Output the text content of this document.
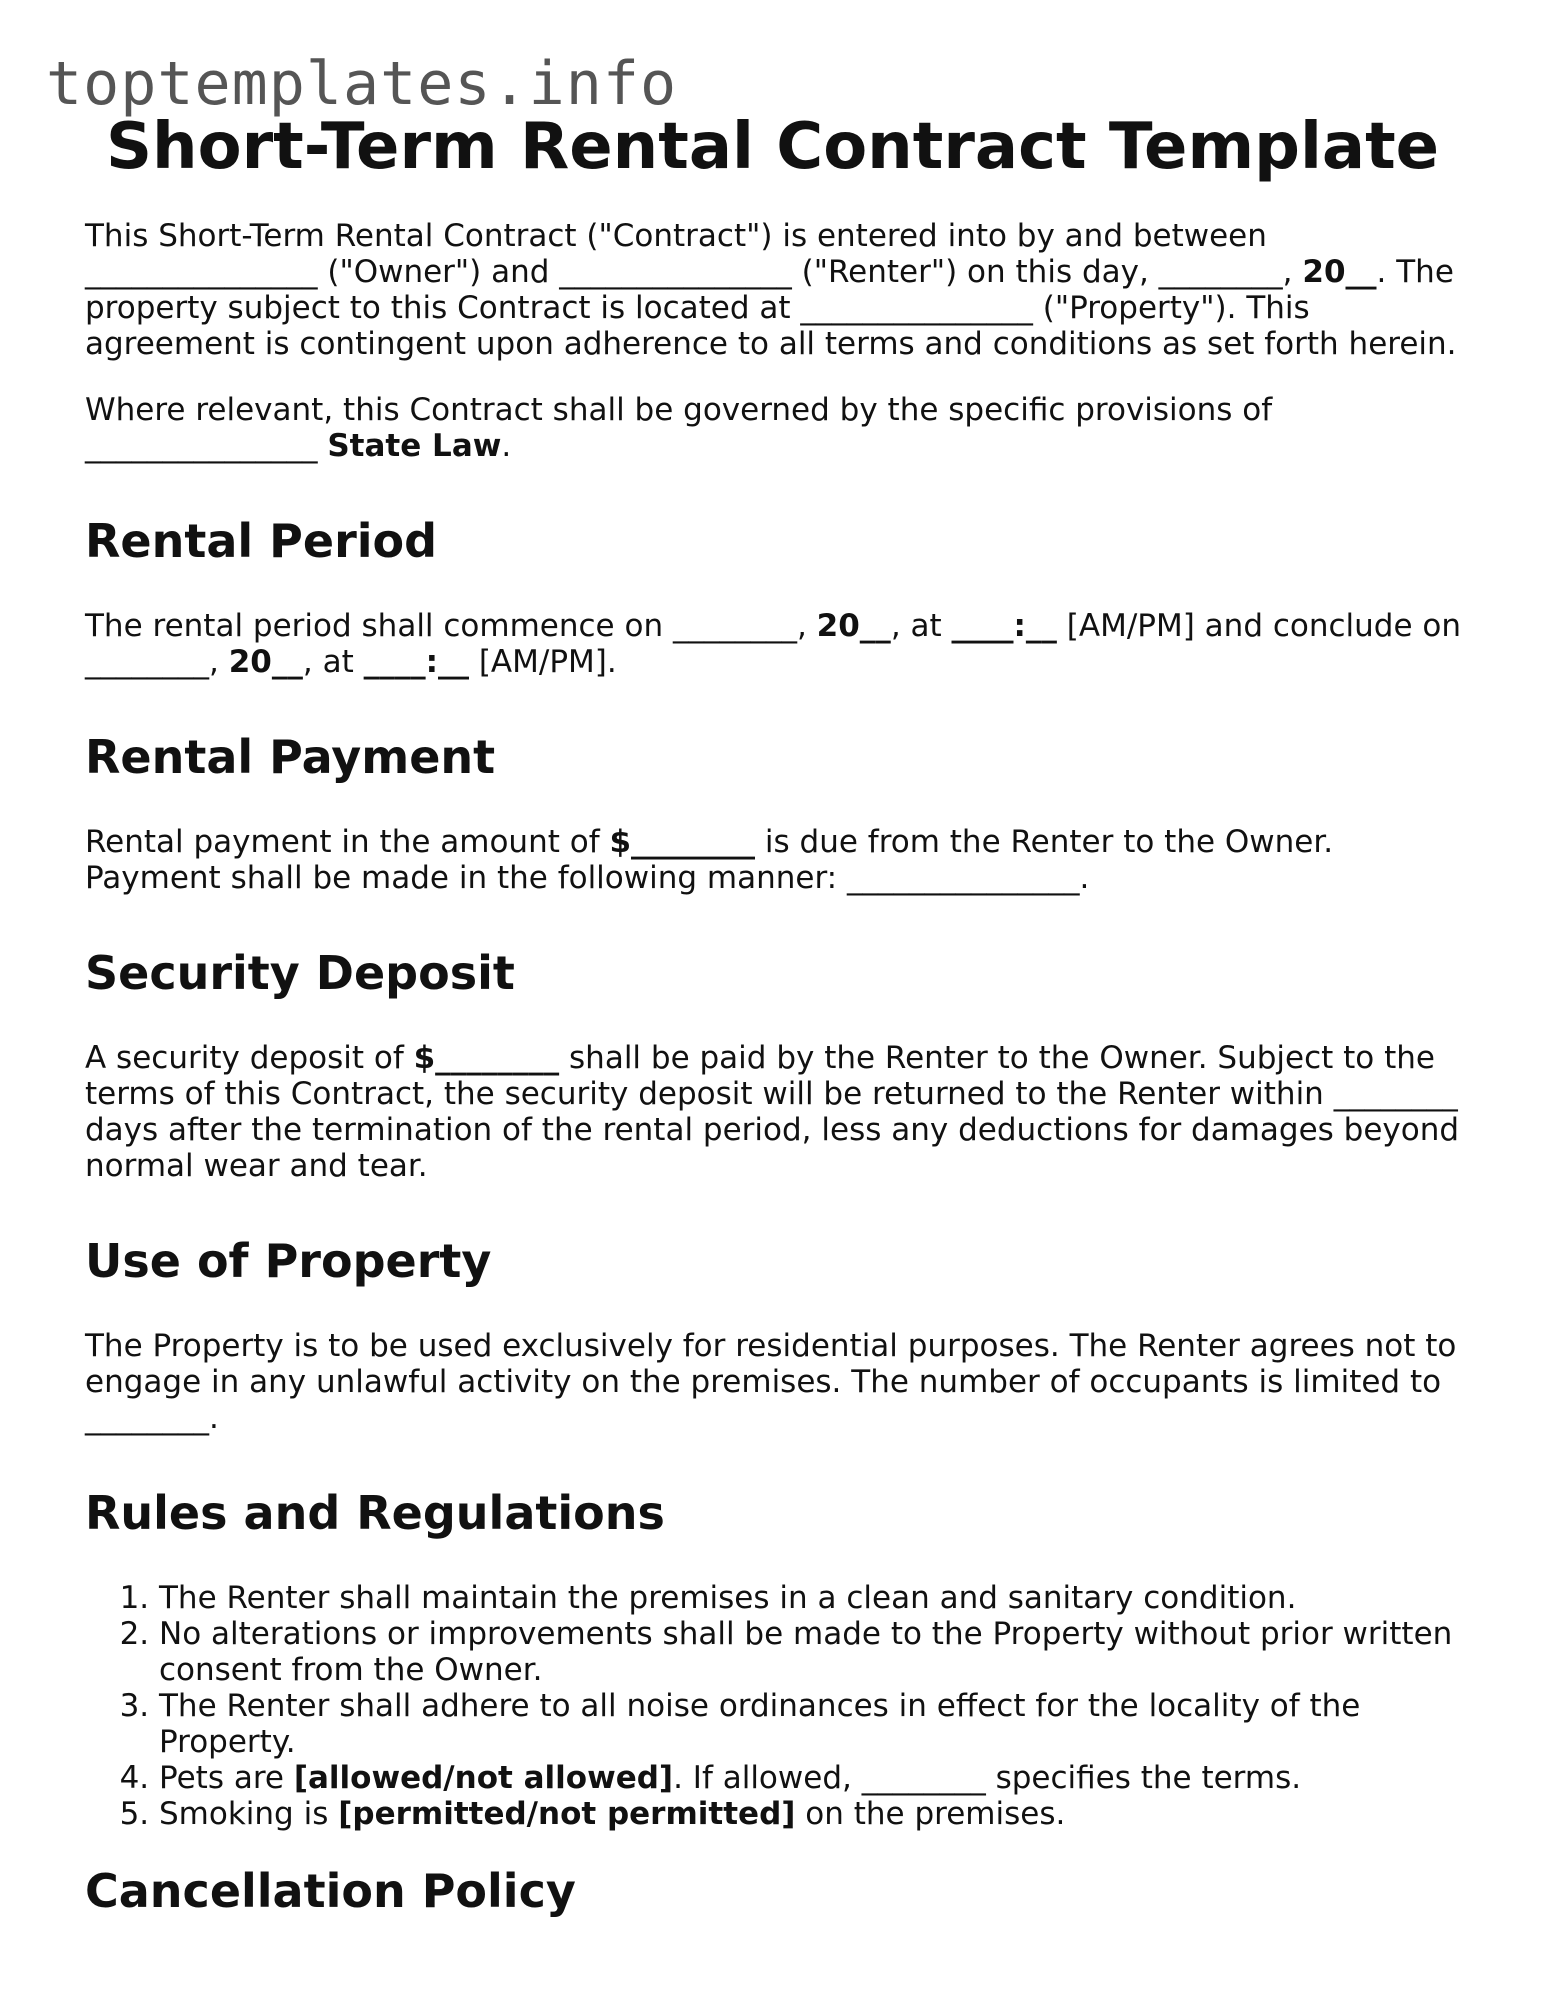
toptemplates.info
Short-Term Rental Contract Template

This Short-Term Rental Contract ("Contract") is entered into by and between _______________ ("Owner") and _______________ ("Renter") on this day, ________, 20__. The property subject to this Contract is located at _______________ ("Property"). This agreement is contingent upon adherence to all terms and conditions as set forth herein.

Where relevant, this Contract shall be governed by the specific provisions of _______________ State Law.

Rental Period

The rental period shall commence on ________, 20__, at ____:__ [AM/PM] and conclude on ________, 20__, at ____:__ [AM/PM].

Rental Payment

Rental payment in the amount of $________ is due from the Renter to the Owner. Payment shall be made in the following manner: _______________.

Security Deposit

A security deposit of $________ shall be paid by the Renter to the Owner. Subject to the terms of this Contract, the security deposit will be returned to the Renter within ________ days after the termination of the rental period, less any deductions for damages beyond normal wear and tear.

Use of Property

The Property is to be used exclusively for residential purposes. The Renter agrees not to engage in any unlawful activity on the premises. The number of occupants is limited to ________.

Rules and Regulations
1. The Renter shall maintain the premises in a clean and sanitary condition.
2. No alterations or improvements shall be made to the Property without prior written consent from the Owner.
3. The Renter shall adhere to all noise ordinances in effect for the locality of the Property.
4. Pets are [allowed/not allowed]. If allowed, ________ specifies the terms.
5. Smoking is [permitted/not permitted] on the premises.
Cancellation Policy
